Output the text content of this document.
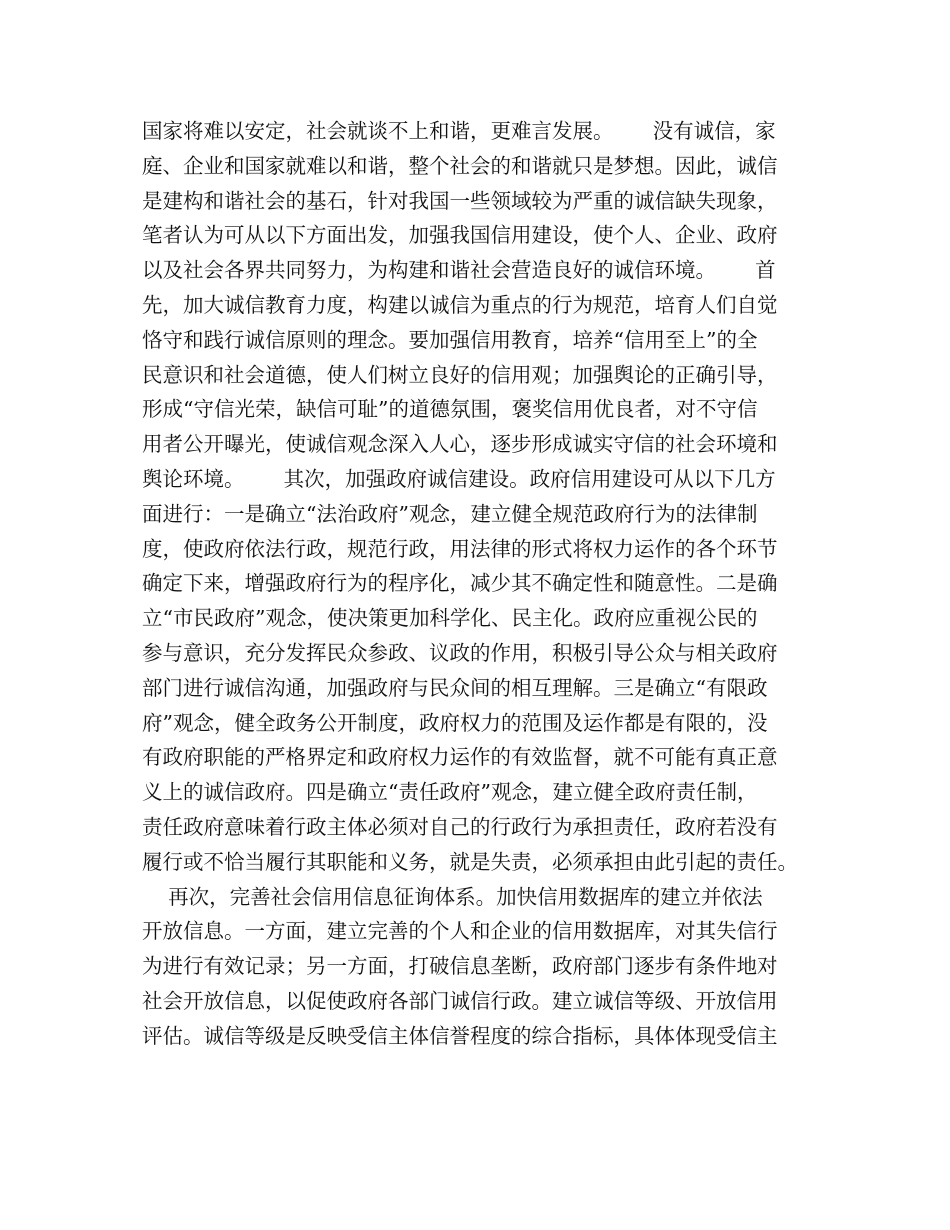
国家将难以安定，社会就谈不上和谐，更难言发展。      没有诚信，家
庭、企业和国家就难以和谐，整个社会的和谐就只是梦想。因此，诚信
是建构和谐社会的基石，针对我国一些领域较为严重的诚信缺失现象，
笔者认为可从以下方面出发，加强我国信用建设，使个人、企业、政府
以及社会各界共同努力，为构建和谐社会营造良好的诚信环境。      首
先，加大诚信教育力度，构建以诚信为重点的行为规范，培育人们自觉
恪守和践行诚信原则的理念。要加强信用教育，培养“信用至上”的全
民意识和社会道德，使人们树立良好的信用观；加强舆论的正确引导，
形成“守信光荣，缺信可耻”的道德氛围，褒奖信用优良者，对不守信
用者公开曝光，使诚信观念深入人心，逐步形成诚实守信的社会环境和
舆论环境。      其次，加强政府诚信建设。政府信用建设可从以下几方
面进行：一是确立“法治政府”观念，建立健全规范政府行为的法律制
度，使政府依法行政，规范行政，用法律的形式将权力运作的各个环节
确定下来，增强政府行为的程序化，减少其不确定性和随意性。二是确
立“市民政府”观念，使决策更加科学化、民主化。政府应重视公民的
参与意识，充分发挥民众参政、议政的作用，积极引导公众与相关政府
部门进行诚信沟通，加强政府与民众间的相互理解。三是确立“有限政
府”观念，健全政务公开制度，政府权力的范围及运作都是有限的，没
有政府职能的严格界定和政府权力运作的有效监督，就不可能有真正意
义上的诚信政府。四是确立“责任政府”观念，建立健全政府责任制，
责任政府意味着行政主体必须对自己的行政行为承担责任，政府若没有
履行或不恰当履行其职能和义务，就是失责，必须承担由此引起的责任。
再次，完善社会信用信息征询体系。加快信用数据库的建立并依法
开放信息。一方面，建立完善的个人和企业的信用数据库，对其失信行
为进行有效记录；另一方面，打破信息垄断，政府部门逐步有条件地对
社会开放信息，以促使政府各部门诚信行政。建立诚信等级、开放信用
评估。诚信等级是反映受信主体信誉程度的综合指标，具体体现受信主
